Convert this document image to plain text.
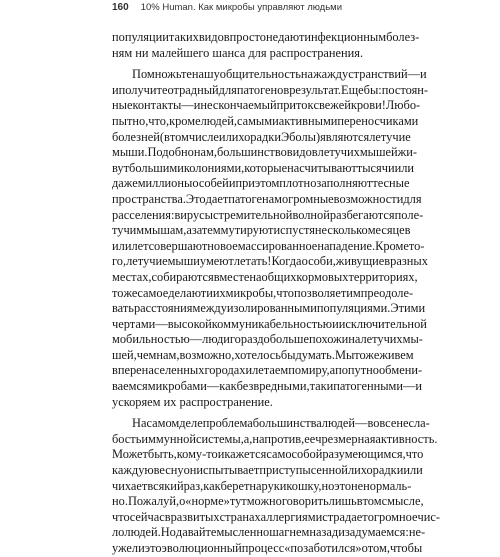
160 10% Human. Как микробы управляют людьми
популяции таких видов просто не дают инфекционным болез-
ням ни малейшего шанса для распространения.
Помножьте нашу общительность на жажду странствий — и
и получите отрадный для патогенов результат. Еще бы: постоян-
ные контакты — и нескончаемый приток свежей крови! Любо-
пытно, что, кроме людей, самыми активными переносчиками
болезней (в том числе и лихорадки Эболы) являются летучие
мыши. Подобно нам, большинство видов летучих мышей жи-
вут большими колониями, которые насчитывают тысячи или
даже миллионы особей и при этом плотно заполняют тесные
пространства. Это дает патогенам огромные возможности для
расселения: вирусы стремительной волной разбегаются по ле-
тучим мышам, а затем мутируют и спустя несколько месяцев
или лет совершают новое массированное нападение. Кроме то-
го, летучие мыши умеют летать! Когда особи, живущие в разных
местах, собираются вместе на общих кормовых территориях,
то же самое делают и их микробы, что позволяет им преодоле-
вать расстояния между изолированными популяциями. Этими
чертами — высокой коммуникабельностью и исключительной
мобильностью — люди гораздо больше похожи на летучих мы-
шей, чем нам, возможно, хотелось бы думать. Мы тоже живем
в перенаселенных городах и летаем по миру, а попутно обмени-
ваемся микробами — как безвредными, так и патогенными — и
ускоряем их распространение.
На самом деле проблема большинства людей — вовсе не сла-
бость иммунной системы, а, напротив, ее чрезмерная активность.
Может быть, кому-то и кажется само собой разумеющимся, что
каждую весну он испытывает приступы сенной лихорадки или
чихает всякий раз, как берет на руки кошку, но это ненормаль-
но. Пожалуй, о «норме» тут можно говорить лишь в том смысле,
что сейчас в развитых странах аллергиями страдает огромное чис-
ло людей. Но давайте мысленно шагнем назад и задумаемся: не-
ужели это эволюционный процесс «позаботился» о том, чтобы
